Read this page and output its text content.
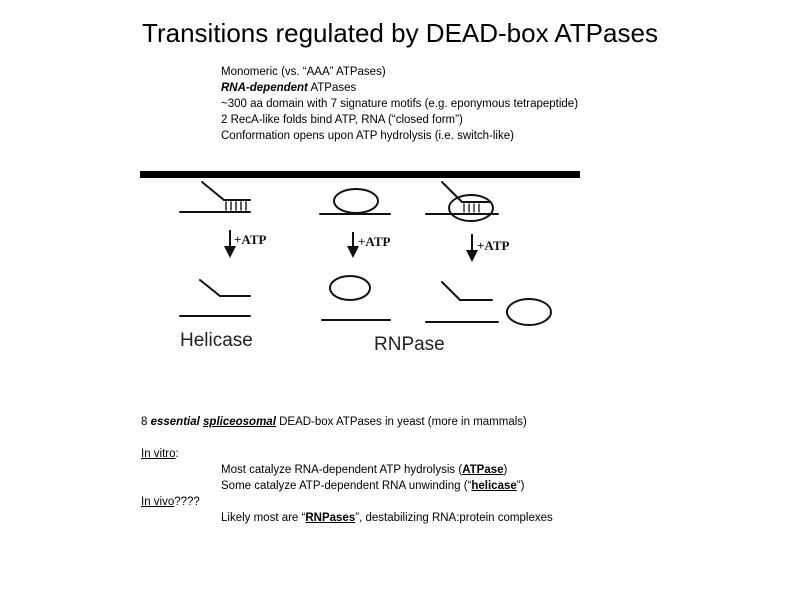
Transitions regulated by DEAD-box ATPases
Monomeric (vs. “AAA” ATPases)
RNA-dependent ATPases
~300 aa domain with 7 signature motifs (e.g. eponymous tetrapeptide)
2 RecA-like folds bind ATP, RNA (“closed form”)
Conformation opens upon ATP hydrolysis (i.e. switch-like)
+ATP	+ATP	+ATP
Helicase	RNPase
8 essential spliceosomal DEAD-box ATPases in yeast (more in mammals)
In vitro:
Most catalyze RNA-dependent ATP hydrolysis (ATPase)
Some catalyze ATP-dependent RNA unwinding (“helicase”)
In vivo????
Likely most are “RNPases”, destabilizing RNA:protein complexes
